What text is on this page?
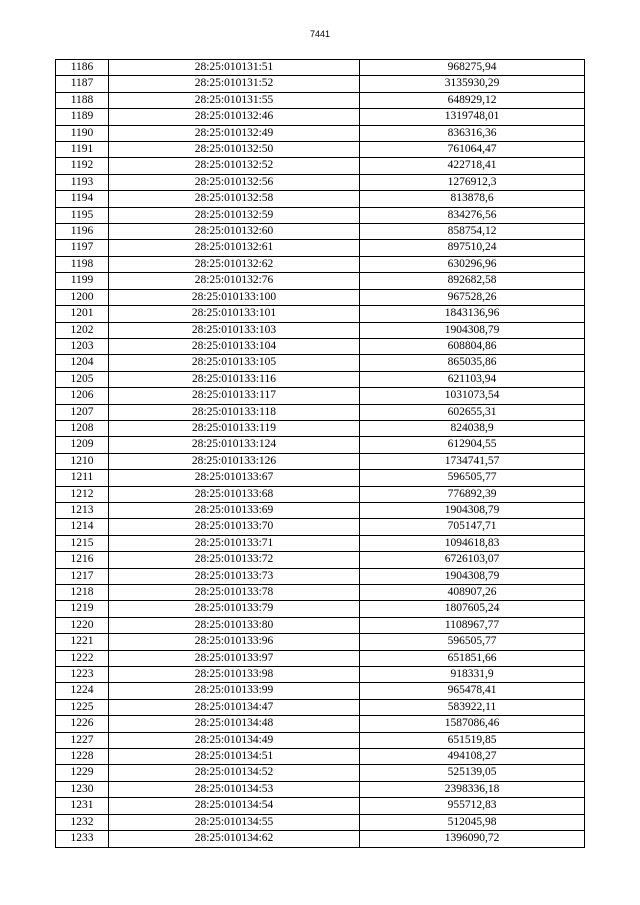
7441
1186	28:25:010131:51	968275,94
1187	28:25:010131:52	3135930,29
1188	28:25:010131:55	648929,12
1189	28:25:010132:46	1319748,01
1190	28:25:010132:49	836316,36
1191	28:25:010132:50	761064,47
1192	28:25:010132:52	422718,41
1193	28:25:010132:56	1276912,3
1194	28:25:010132:58	813878,6
1195	28:25:010132:59	834276,56
1196	28:25:010132:60	858754,12
1197	28:25:010132:61	897510,24
1198	28:25:010132:62	630296,96
1199	28:25:010132:76	892682,58
1200	28:25:010133:100	967528,26
1201	28:25:010133:101	1843136,96
1202	28:25:010133:103	1904308,79
1203	28:25:010133:104	608804,86
1204	28:25:010133:105	865035,86
1205	28:25:010133:116	621103,94
1206	28:25:010133:117	1031073,54
1207	28:25:010133:118	602655,31
1208	28:25:010133:119	824038,9
1209	28:25:010133:124	612904,55
1210	28:25:010133:126	1734741,57
1211	28:25:010133:67	596505,77
1212	28:25:010133:68	776892,39
1213	28:25:010133:69	1904308,79
1214	28:25:010133:70	705147,71
1215	28:25:010133:71	1094618,83
1216	28:25:010133:72	6726103,07
1217	28:25:010133:73	1904308,79
1218	28:25:010133:78	408907,26
1219	28:25:010133:79	1807605,24
1220	28:25:010133:80	1108967,77
1221	28:25:010133:96	596505,77
1222	28:25:010133:97	651851,66
1223	28:25:010133:98	918331,9
1224	28:25:010133:99	965478,41
1225	28:25:010134:47	583922,11
1226	28:25:010134:48	1587086,46
1227	28:25:010134:49	651519,85
1228	28:25:010134:51	494108,27
1229	28:25:010134:52	525139,05
1230	28:25:010134:53	2398336,18
1231	28:25:010134:54	955712,83
1232	28:25:010134:55	512045,98
1233	28:25:010134:62	1396090,72
